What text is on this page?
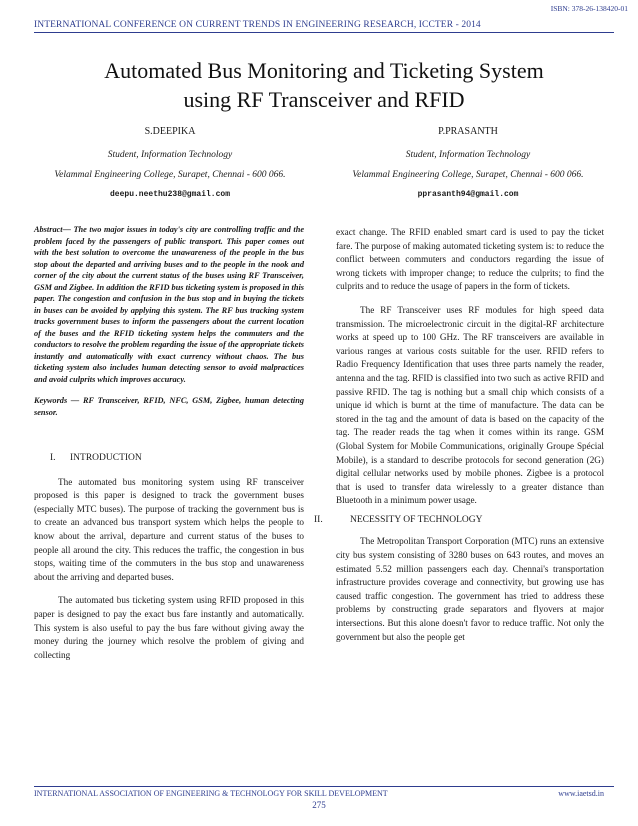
ISBN: 378-26-138420-01
INTERNATIONAL CONFERENCE ON CURRENT TRENDS IN ENGINEERING RESEARCH, ICCTER - 2014
Automated Bus Monitoring and Ticketing System
using RF Transceiver and RFID
S.DEEPIKA
Student, Information Technology
Velammal Engineering College, Surapet, Chennai - 600 066.
deepu.neethu238@gmail.com
P.PRASANTH
Student, Information Technology
Velammal Engineering College, Surapet, Chennai - 600 066.
pprasanth94@gmail.com

Abstract— The two major issues in today's city are controlling traffic and the problem faced by the passengers of public transport. This paper comes out with the best solution to overcome the unawareness of the people in the bus stop about the departed and arriving buses and to the people in the nook and corner of the city about the current status of the buses using RF Transceiver, GSM and Zigbee. In addition the RFID bus ticketing system is proposed in this paper. The congestion and confusion in the bus stop and in buying the tickets in buses can be avoided by applying this system. The RF bus tracking system tracks government buses to inform the passengers about the current location of the buses and the RFID ticketing system helps the commuters and the conductors to resolve the problem regarding the issue of the appropriate tickets instantly and automatically with exact currency without chaos. The bus ticketing system also includes human detecting sensor to avoid malpractices and avoid culprits which improves accuracy.

Keywords — RF Transceiver, RFID, NFC, GSM, Zigbee, human detecting sensor.

I. INTRODUCTION

The automated bus monitoring system using RF transceiver proposed is this paper is designed to track the government buses (especially MTC buses). The purpose of tracking the government bus is to create an advanced bus transport system which helps the people to know about the arrival, departure and current status of the buses to people all around the city. This reduces the traffic, the congestion in bus stops, waiting time of the commuters in the bus stop and unawareness about the arriving and departed buses.

The automated bus ticketing system using RFID proposed in this paper is designed to pay the exact bus fare instantly and automatically. This system is also useful to pay the bus fare without giving away the money during the journey which resolve the problem of giving and collecting

exact change. The RFID enabled smart card is used to pay the ticket fare. The purpose of making automated ticketing system is: to reduce the conflict between commuters and conductors regarding the issue of wrong tickets with improper change; to reduce the culprits; to find the culprits and to reduce the usage of papers in the form of tickets.

The RF Transceiver uses RF modules for high speed data transmission. The microelectronic circuit in the digital-RF architecture works at speed up to 100 GHz. The RF transceivers are available in various ranges at various costs suitable for the user. RFID refers to Radio Frequency Identification that uses three parts namely the reader, antenna and the tag. RFID is classified into two such as active RFID and passive RFID. The tag is nothing but a small chip which consists of a unique id which is burnt at the time of manufacture. The data can be stored in the tag and the amount of data is based on the capacity of the tag. The reader reads the tag when it comes within its range. GSM (Global System for Mobile Communications, originally Groupe Spécial Mobile), is a standard to describe protocols for second generation (2G) digital cellular networks used by mobile phones. Zigbee is a protocol that is used to transfer data wirelessly to a greater distance than Bluetooth in a minimum power usage.

II.	NECESSITY OF TECHNOLOGY

The Metropolitan Transport Corporation (MTC) runs an extensive city bus system consisting of 3280 buses on 643 routes, and moves an estimated 5.52 million passengers each day. Chennai's transportation infrastructure provides coverage and connectivity, but growing use has caused traffic congestion. The government has tried to address these problems by constructing grade separators and flyovers at major intersections. But this alone doesn't favor to reduce traffic. Not only the government but also the people get

INTERNATIONAL ASSOCIATION OF ENGINEERING & TECHNOLOGY FOR SKILL DEVELOPMENT	www.iaetsd.in
275
